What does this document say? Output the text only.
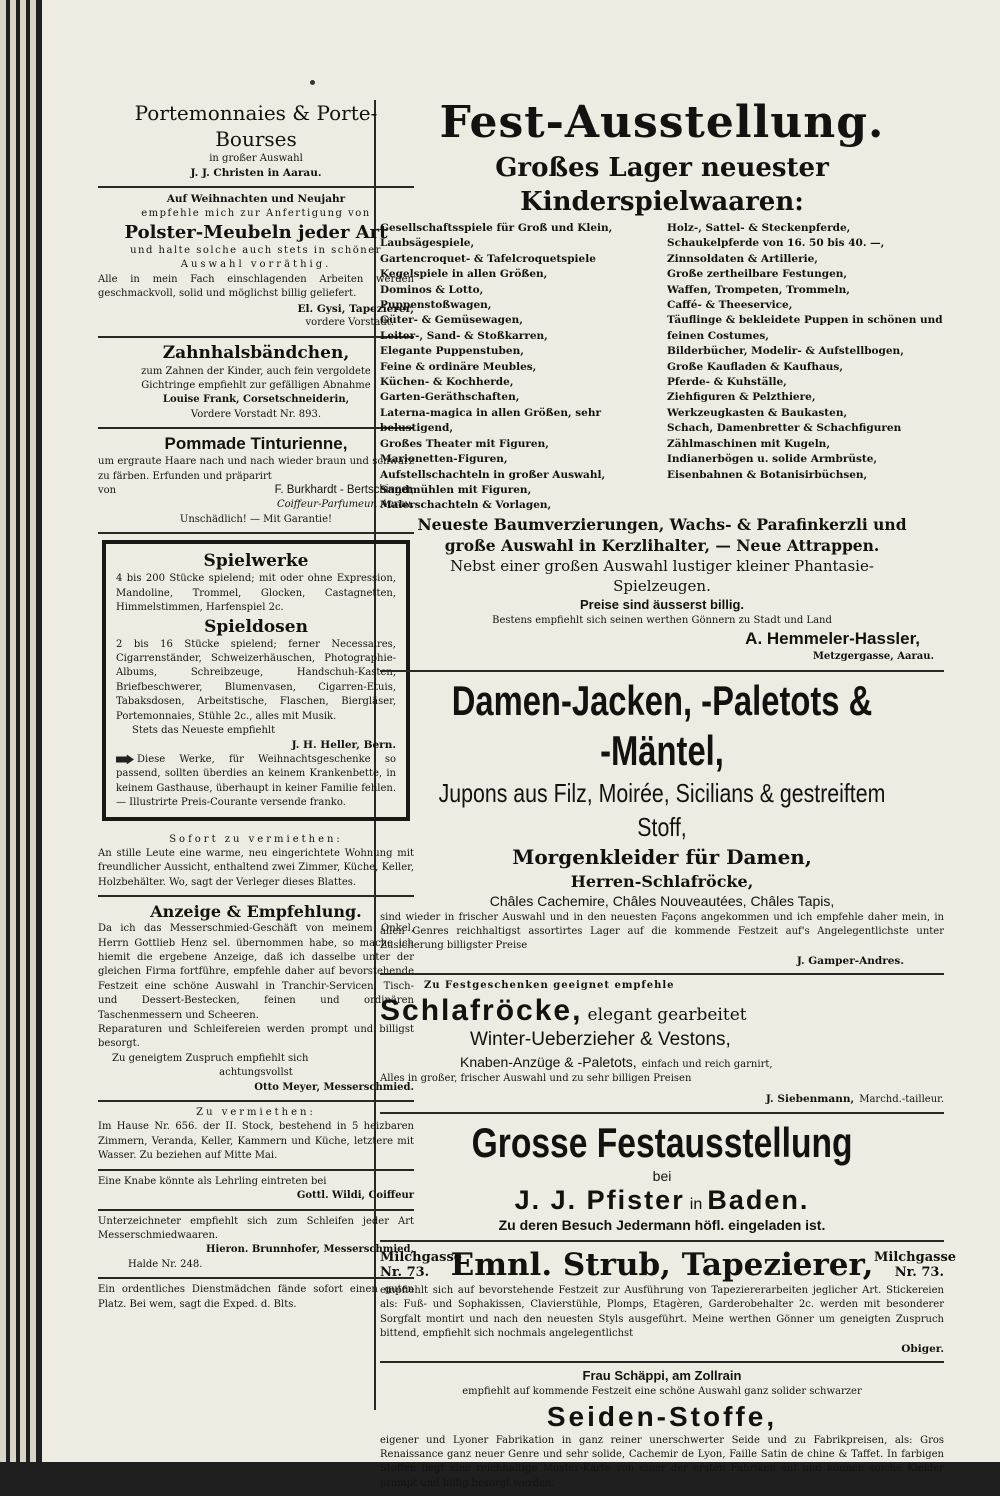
Portemonnaies & Porte-Bourses

in großer Auswahl

J. J. Christen in Aarau.

Auf Weihnachten und Neujahr

empfehle mich zur Anfertigung von

Polster-Meubeln jeder Art

und halte solche auch stets in schöner

Auswahl vorräthig.

Alle in mein Fach einschlagenden Arbeiten werden geschmackvoll, solid und möglichst billig geliefert.

El. Gysi, Tapezierer,

vordere Vorstadt.

Zahnhalsbändchen,

zum Zahnen der Kinder, auch fein vergoldete

Gichtringe empfiehlt zur gefälligen Abnahme

Louise Frank, Corsetschneiderin,

Vordere Vorstadt Nr. 893.

Pommade Tinturienne,

um ergraute Haare nach und nach wieder braun und schwarz zu färben. Erfunden und präparirt

von	F. Burkhardt - Bertschinger,

Coiffeur-Parfumeur, Aarau.

Unschädlich! — Mit Garantie!

Spielwerke

4 bis 200 Stücke spielend; mit oder ohne Expression, Mandoline, Trommel, Glocken, Castagnetten, Himmelstimmen, Harfenspiel 2c.

Spieldosen

2 bis 16 Stücke spielend; ferner Necessaires, Cigarrenständer, Schweizerhäuschen, Photographie-Albums, Schreibzeuge, Handschuh-Kasten, Briefbeschwerer, Blumenvasen, Cigarren-Etuis, Tabaksdosen, Arbeitstische, Flaschen, Biergläser, Portemonnaies, Stühle 2c., alles mit Musik.

Stets das Neueste empfiehlt

J. H. Heller, Bern.

Diese Werke, für Weihnachtsgeschenke so passend, sollten überdies an keinem Krankenbette, in keinem Gasthause, überhaupt in keiner Familie fehlen. — Illustrirte Preis-Courante versende franko.

Sofort zu vermiethen:

An stille Leute eine warme, neu eingerichtete Wohnung mit freundlicher Aussicht, enthaltend zwei Zimmer, Küche, Keller, Holzbehälter. Wo, sagt der Verleger dieses Blattes.

Anzeige & Empfehlung.

Da ich das Messerschmied-Geschäft von meinem Onkel, Herrn Gottlieb Henz sel. übernommen habe, so mache ich hiemit die ergebene Anzeige, daß ich dasselbe unter der gleichen Firma fortführe, empfehle daher auf bevorstehende Festzeit eine schöne Auswahl in Tranchir-Servicen, Tisch- und Dessert-Bestecken, feinen und ordinären Taschenmessern und Scheeren.

Reparaturen und Schleifereien werden prompt und billigst besorgt.

Zu geneigtem Zuspruch empfiehlt sich

achtungsvollst

Otto Meyer, Messerschmied.

Zu vermiethen:

Im Hause Nr. 656. der II. Stock, bestehend in 5 heizbaren Zimmern, Veranda, Keller, Kammern und Küche, letztere mit Wasser. Zu beziehen auf Mitte Mai.

Eine Knabe könnte als Lehrling eintreten bei

Gottl. Wildi, Coiffeur

Unterzeichneter empfiehlt sich zum Schleifen jeder Art Messerschmiedwaaren.

Hieron. Brunnhofer, Messerschmied,

Halde Nr. 248.

Ein ordentliches Dienstmädchen fände sofort einen guten Platz. Bei wem, sagt die Exped. d. Blts.

Fest-Ausstellung.

Großes Lager neuester Kinderspielwaaren:

Gesellschaftsspiele für Groß und Klein,

Laubsägespiele,

Gartencroquet- & Tafelcroquetspiele

Kegelspiele in allen Größen,

Dominos & Lotto,

Puppenstoßwagen,

Güter- & Gemüsewagen,

Leiter-, Sand- & Stoßkarren,

Elegante Puppenstuben,

Feine & ordinäre Meubles,

Küchen- & Kochherde,

Garten-Geräthschaften,

Laterna-magica in allen Größen, sehr belustigend,

Großes Theater mit Figuren,

Marionetten-Figuren,

Aufstellschachteln in großer Auswahl,

Sandmühlen mit Figuren,

Malerschachteln & Vorlagen,

Holz-, Sattel- & Steckenpferde,

Schaukelpferde von 16. 50 bis 40. —,

Zinnsoldaten & Artillerie,

Große zertheilbare Festungen,

Waffen, Trompeten, Trommeln,

Caffé- & Theeservice,

Täuflinge & bekleidete Puppen in schönen und feinen Costumes,

Bilderbücher, Modelir- & Aufstellbogen,

Große Kaufladen & Kaufhaus,

Pferde- & Kuhställe,

Ziehfiguren & Pelzthiere,

Werkzeugkasten & Baukasten,

Schach, Damenbretter & Schachfiguren

Zählmaschinen mit Kugeln,

Indianerbögen u. solide Armbrüste,

Eisenbahnen & Botanisirbüchsen,

Neueste Baumverzierungen, Wachs- & Parafinkerzli und

große Auswahl in Kerzlihalter, — Neue Attrappen.

Nebst einer großen Auswahl lustiger kleiner Phantasie-

Spielzeugen.

Preise sind äusserst billig.

Bestens empfiehlt sich seinen werthen Gönnern zu Stadt und Land

A. Hemmeler-Hassler,

Metzgergasse, Aarau.

Damen-Jacken, -Paletots & -Mäntel,

Jupons aus Filz, Moirée, Sicilians & gestreiftem Stoff,

Morgenkleider für Damen,

Herren-Schlafröcke,

Châles Cachemire, Châles Nouveautées, Châles Tapis,

sind wieder in frischer Auswahl und in den neuesten Façons angekommen und ich empfehle daher mein, in allen Genres reichhaltigst assortirtes Lager auf die kommende Festzeit auf's Angelegentlichste unter Zusicherung billigster Preise

J. Gamper-Andres.

Zu Festgeschenken geeignet empfehle

Schlafröcke, elegant gearbeitet

Winter-Ueberzieher & Vestons,

Knaben-Anzüge & -Paletots, einfach und reich garnirt,

Alles in großer, frischer Auswahl und zu sehr billigen Preisen

J. Siebenmann, Marchd.-tailleur.

Grosse Festausstellung

bei

J. J. Pfister in Baden.

Zu deren Besuch Jedermann höfl. eingeladen ist.

Milchgasse Nr. 73. Emnl. Strub, Tapezierer, Milchgasse Nr. 73.

empfiehlt sich auf bevorstehende Festzeit zur Ausführung von Tapeziererarbeiten jeglicher Art. Stickereien als: Fuß- und Sophakissen, Clavierstühle, Plomps, Etagèren, Garderobehalter 2c. werden mit besonderer Sorgfalt montirt und nach den neuesten Styls ausgeführt. Meine werthen Gönner um geneigten Zuspruch bittend, empfiehlt sich nochmals angelegentlichst

Obiger.

Frau Schäppi, am Zollrain

empfiehlt auf kommende Festzeit eine schöne Auswahl ganz solider schwarzer

Seiden-Stoffe,

eigener und Lyoner Fabrikation in ganz reiner unerschwerter Seide und zu Fabrikpreisen, als: Gros Renaissance ganz neuer Genre und sehr solide, Cachemir de Lyon, Faille Satin de chine & Taffet. In farbigen Stoffen liegt eine reichhaltige Muster-Karte von einer der ersten Fabriken auf und können solche Kleider prompt und billig besorgt werden.
